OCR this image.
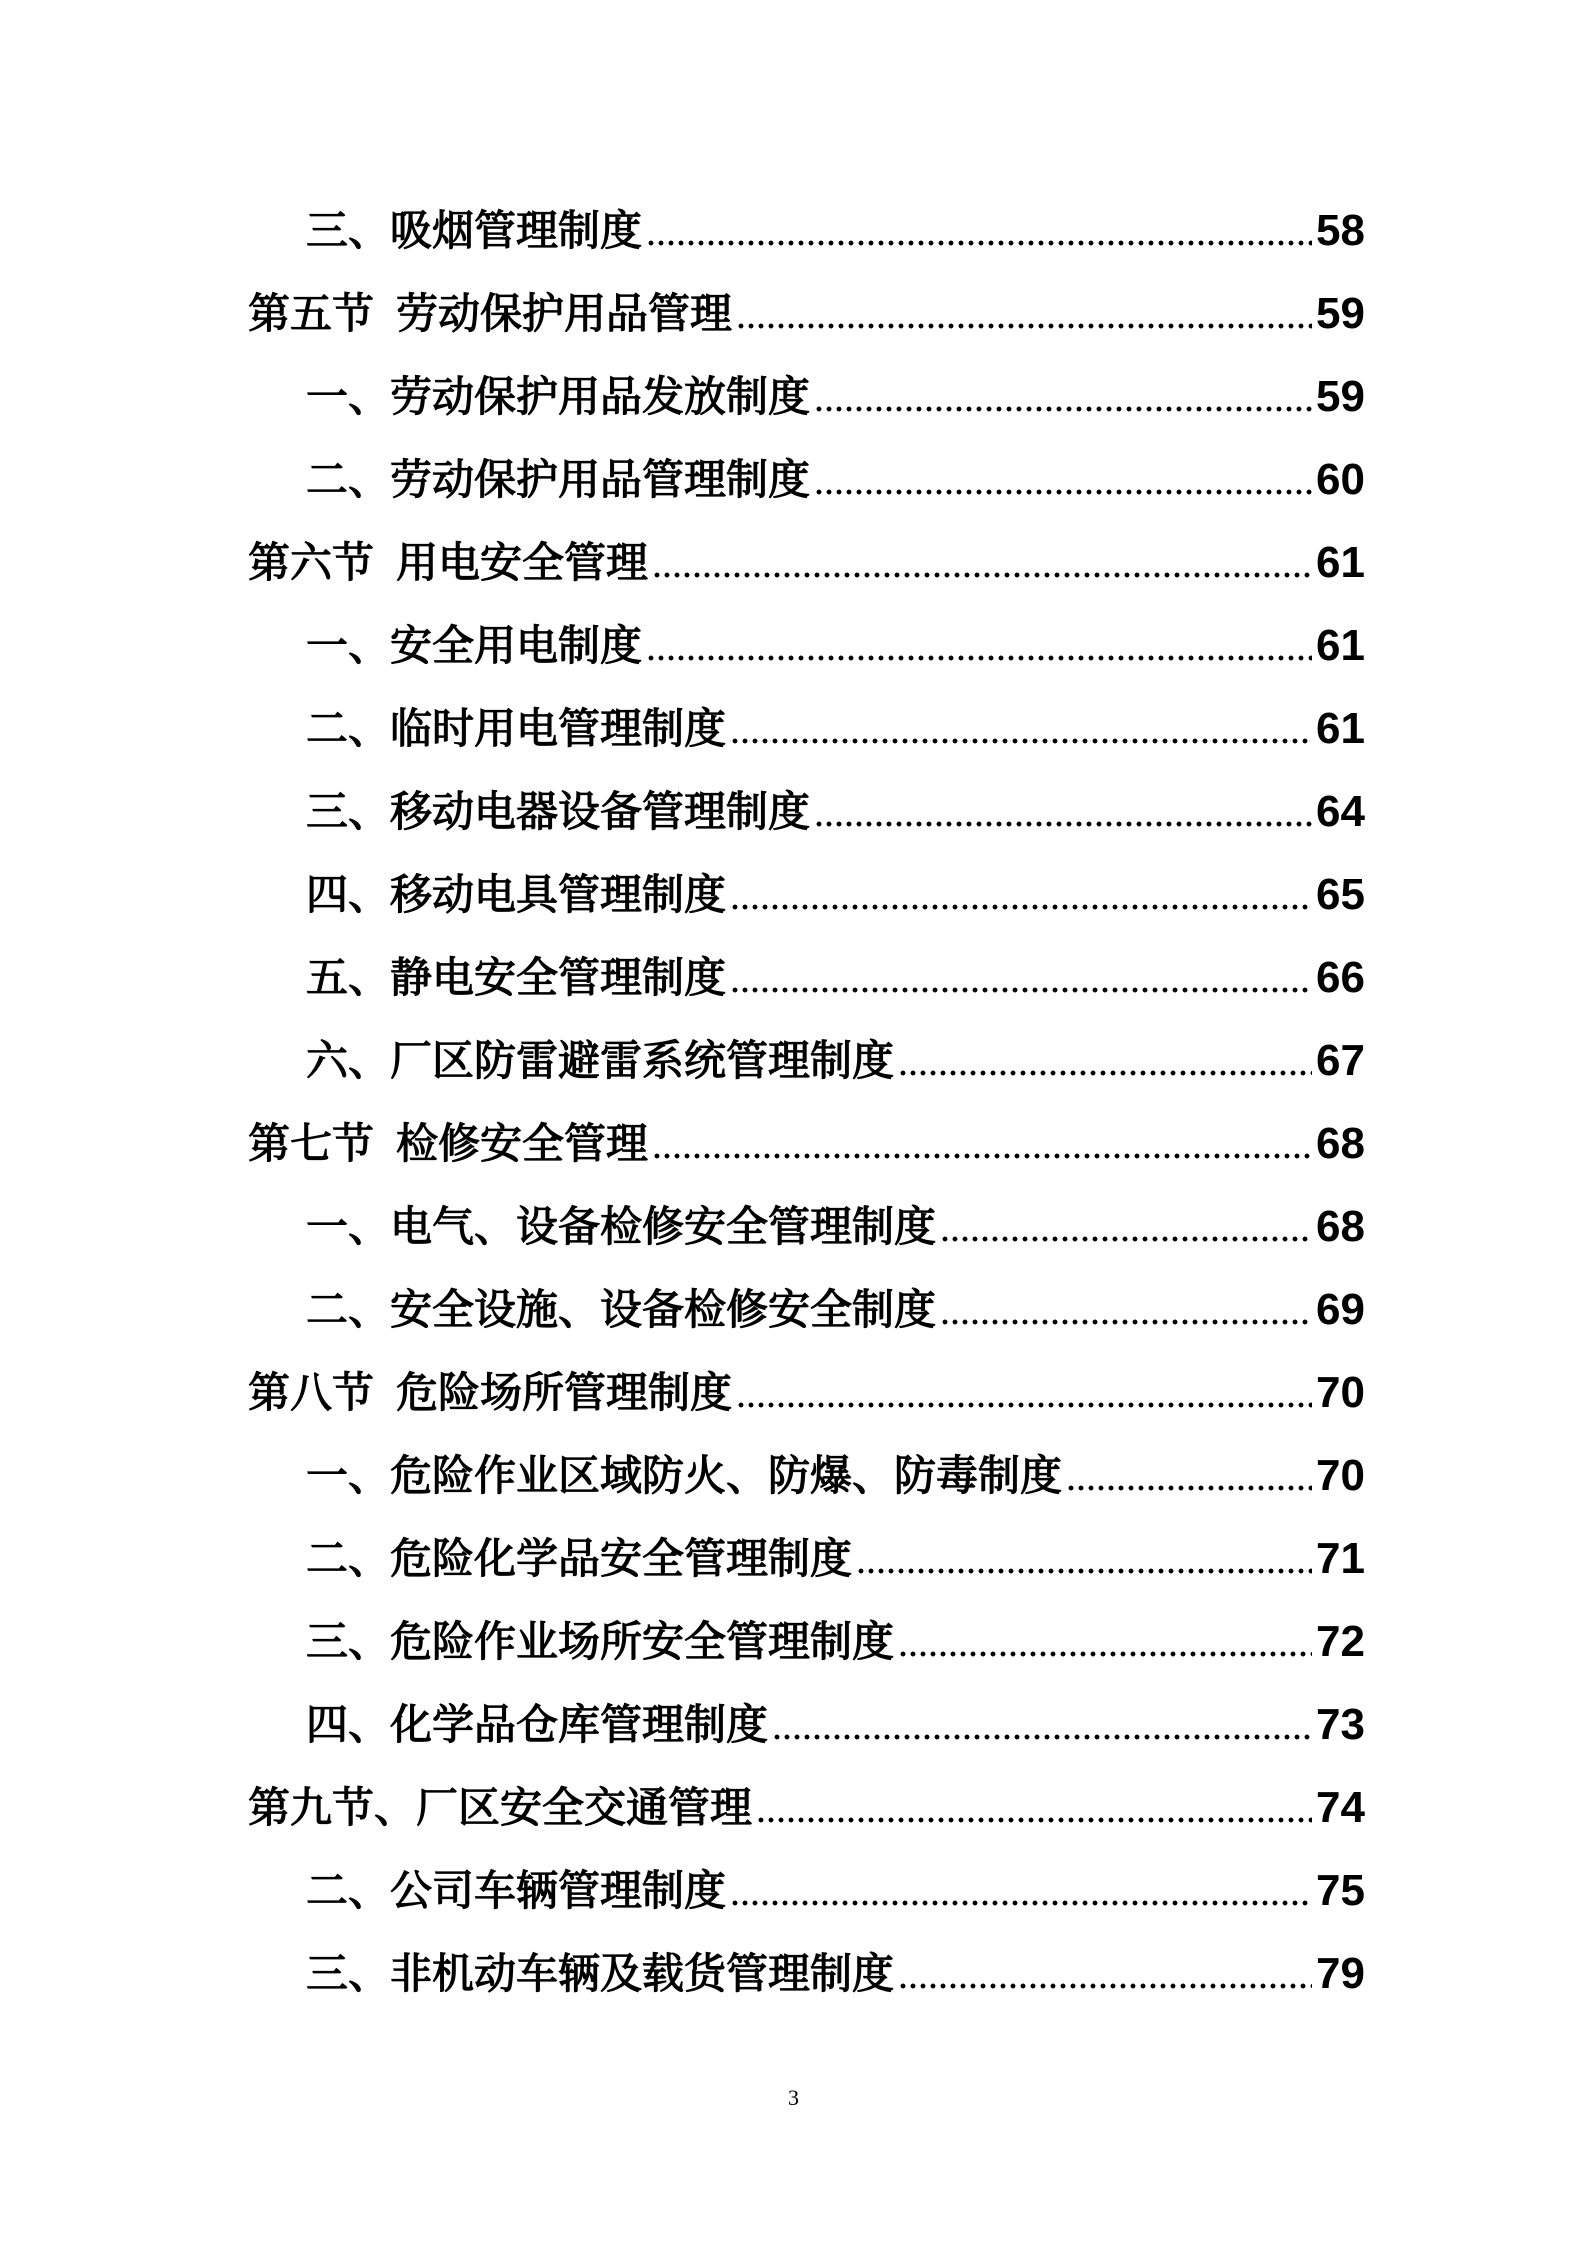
三、吸烟管理制度	58
第五节 劳动保护用品管理	59
一、劳动保护用品发放制度	59
二、劳动保护用品管理制度	60
第六节 用电安全管理	61
一、安全用电制度	61
二、临时用电管理制度	61
三、移动电器设备管理制度	64
四、移动电具管理制度	65
五、静电安全管理制度	66
六、厂区防雷避雷系统管理制度	67
第七节 检修安全管理	68
一、电气、设备检修安全管理制度	68
二、安全设施、设备检修安全制度	69
第八节 危险场所管理制度	70
一、危险作业区域防火、防爆、防毒制度	70
二、危险化学品安全管理制度	71
三、危险作业场所安全管理制度	72
四、化学品仓库管理制度	73
第九节、厂区安全交通管理	74
二、公司车辆管理制度	75
三、非机动车辆及载货管理制度	79
3
